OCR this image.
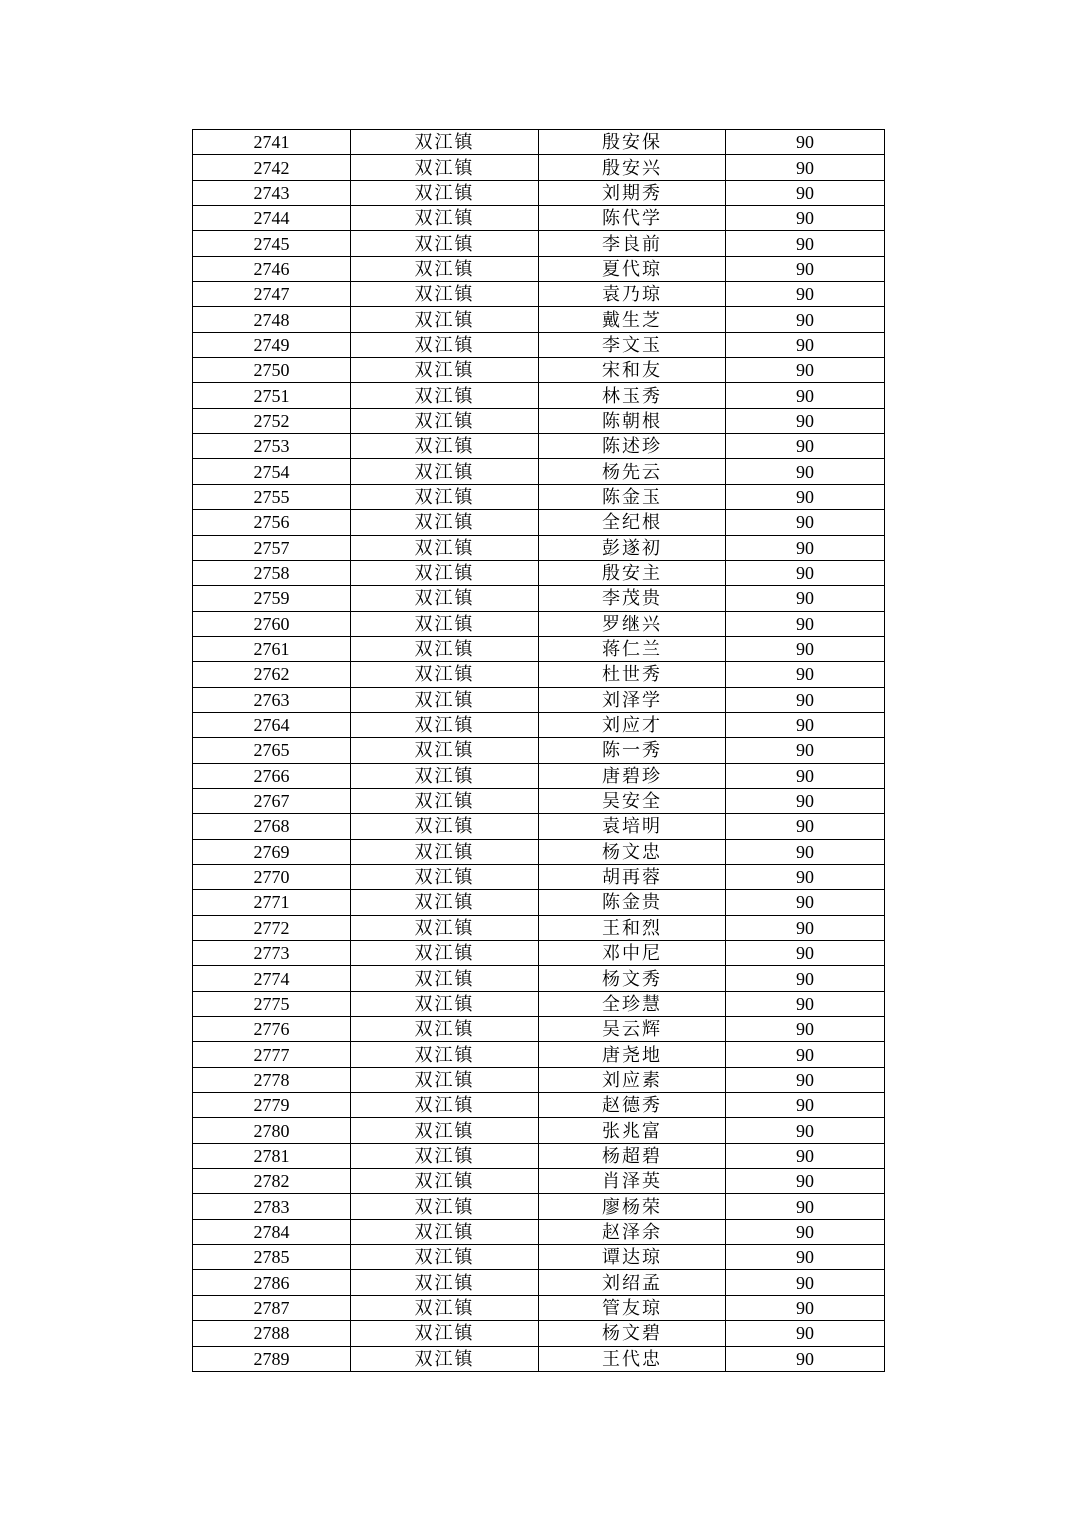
2741	双江镇	殷安保	90
2742	双江镇	殷安兴	90
2743	双江镇	刘期秀	90
2744	双江镇	陈代学	90
2745	双江镇	李良前	90
2746	双江镇	夏代琼	90
2747	双江镇	袁乃琼	90
2748	双江镇	戴生芝	90
2749	双江镇	李文玉	90
2750	双江镇	宋和友	90
2751	双江镇	林玉秀	90
2752	双江镇	陈朝根	90
2753	双江镇	陈述珍	90
2754	双江镇	杨先云	90
2755	双江镇	陈金玉	90
2756	双江镇	全纪根	90
2757	双江镇	彭遂初	90
2758	双江镇	殷安主	90
2759	双江镇	李茂贵	90
2760	双江镇	罗继兴	90
2761	双江镇	蒋仁兰	90
2762	双江镇	杜世秀	90
2763	双江镇	刘泽学	90
2764	双江镇	刘应才	90
2765	双江镇	陈一秀	90
2766	双江镇	唐碧珍	90
2767	双江镇	吴安全	90
2768	双江镇	袁培明	90
2769	双江镇	杨文忠	90
2770	双江镇	胡再蓉	90
2771	双江镇	陈金贵	90
2772	双江镇	王和烈	90
2773	双江镇	邓中尼	90
2774	双江镇	杨文秀	90
2775	双江镇	全珍慧	90
2776	双江镇	吴云辉	90
2777	双江镇	唐尧地	90
2778	双江镇	刘应素	90
2779	双江镇	赵德秀	90
2780	双江镇	张兆富	90
2781	双江镇	杨超碧	90
2782	双江镇	肖泽英	90
2783	双江镇	廖杨荣	90
2784	双江镇	赵泽余	90
2785	双江镇	谭达琼	90
2786	双江镇	刘绍孟	90
2787	双江镇	管友琼	90
2788	双江镇	杨文碧	90
2789	双江镇	王代忠	90
